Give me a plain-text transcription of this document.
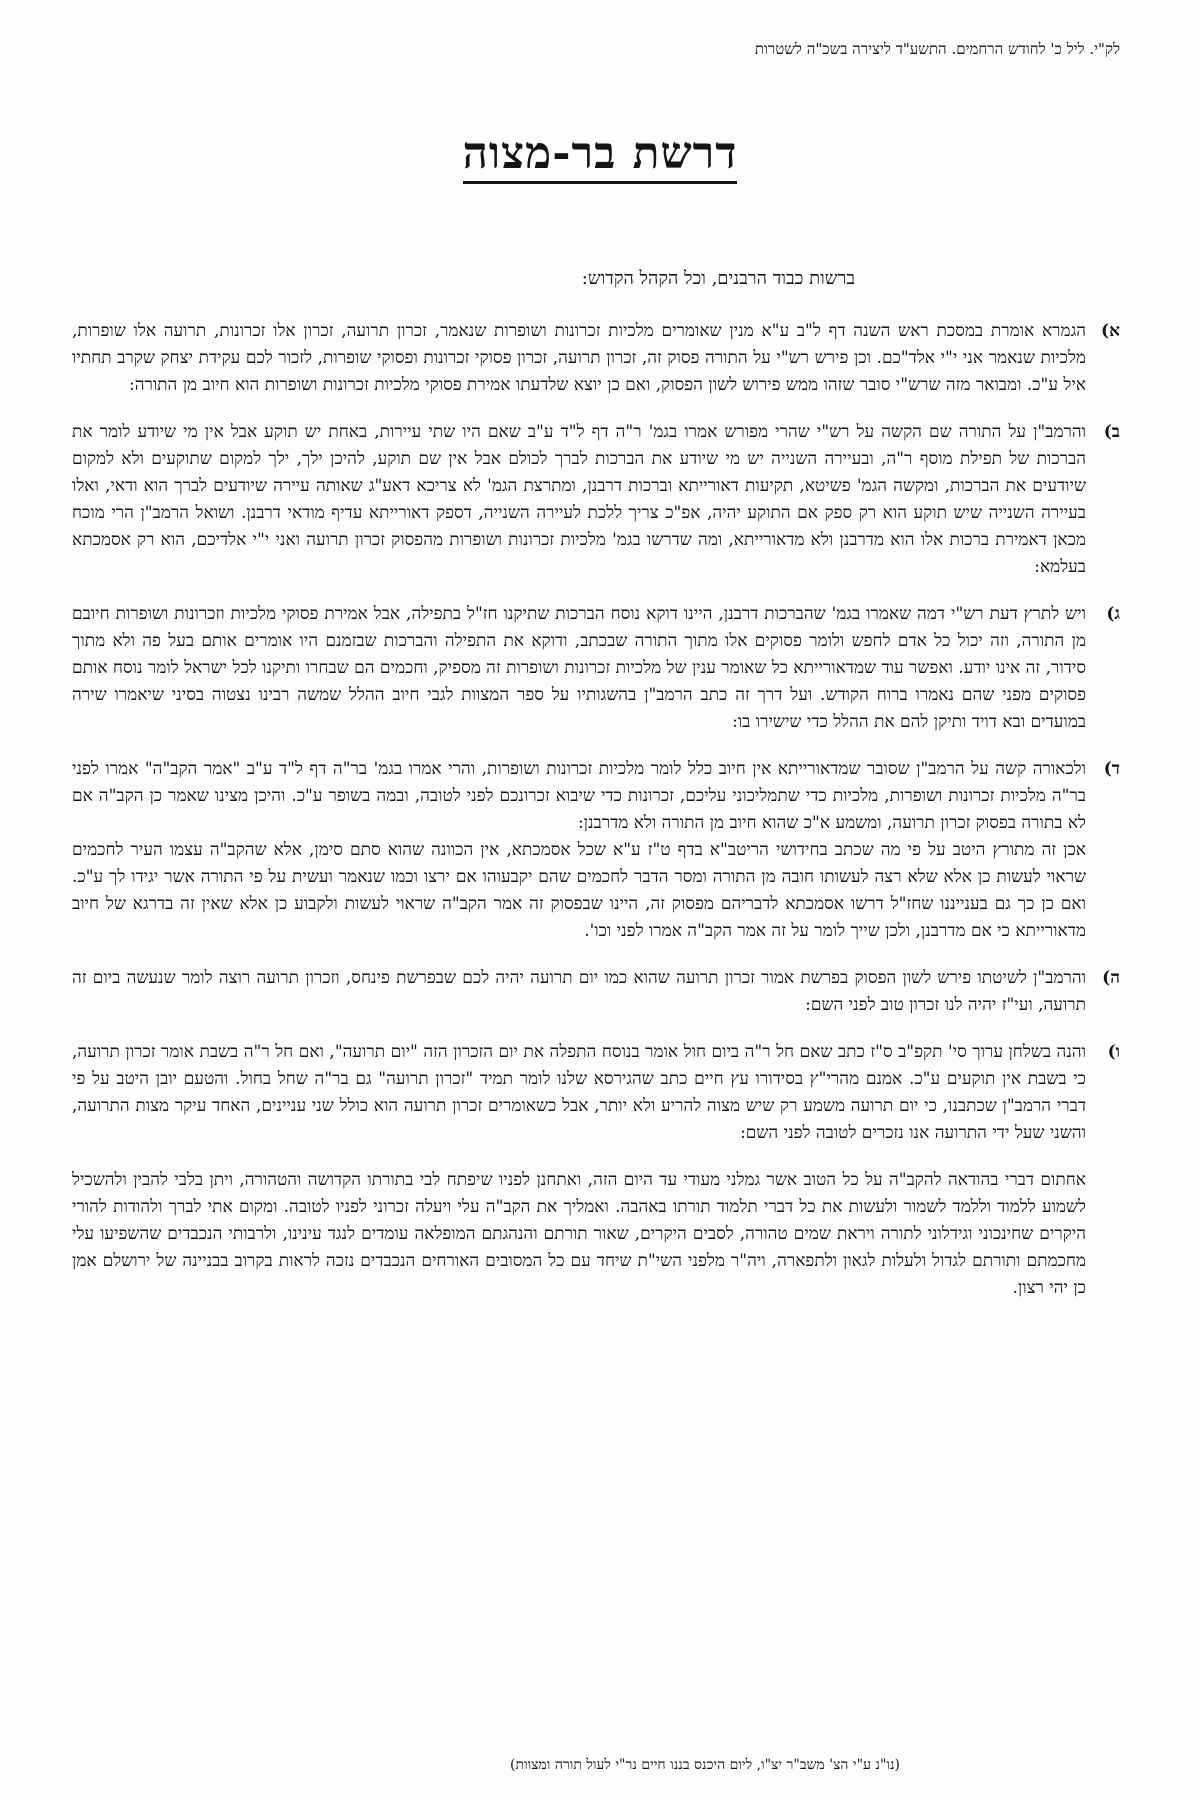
לק"י. ליל כ' לחודש הרחמים. התשע"ד ליצירה בשכ"ה לשטרות
דרשת בר-מצוה
ברשות כבוד הרבנים, וכל הקהל הקדוש:
א)

הגמרא אומרת במסכת ראש השנה דף ל"ב ע"א מנין שאומרים מלכיות זכרונות ושופרות שנאמר, זכרון תרועה, זכרון אלו זכרונות, תרועה אלו שופרות, מלכיות שנאמר אני י"י אלד"כם. וכן פירש רש"י על התורה פסוק זה, זכרון תרועה, זכרון פסוקי זכרונות ופסוקי שופרות, לזכור לכם עקידת יצחק שקרב תחתיו איל ע"כ. ומבואר מזה שרש"י סובר שזהו ממש פירוש לשון הפסוק, ואם כן יוצא שלדעתו אמירת פסוקי מלכיות זכרונות ושופרות הוא חיוב מן התורה:

ב)

והרמב"ן על התורה שם הקשה על רש"י שהרי מפורש אמרו בגמ' ר"ה דף ל"ד ע"ב שאם היו שתי עיירות, באחת יש תוקע אבל אין מי שיודע לומר את הברכות של תפילת מוסף ר"ה, ובעיירה השנייה יש מי שיודע את הברכות לברך לכולם אבל אין שם תוקע, להיכן ילך, ילך למקום שתוקעים ולא למקום שיודעים את הברכות, ומקשה הגמ' פשיטא, תקיעות דאורייתא וברכות דרבנן, ומתרצת הגמ' לא צריכא דאע"ג שאותה עיירה שיודעים לברך הוא ודאי, ואלו בעיירה השנייה שיש תוקע הוא רק ספק אם התוקע יהיה, אפ"כ צריך ללכת לעיירה השנייה, דספק דאורייתא עדיף מודאי דרבנן. ושואל הרמב"ן הרי מוכח מכאן דאמירת ברכות אלו הוא מדרבנן ולא מדאורייתא, ומה שדרשו בגמ' מלכיות זכרונות ושופרות מהפסוק זכרון תרועה ואני י"י אלדיכם, הוא רק אסמכתא בעלמא:

ג)

ויש לתרץ דעת רש"י דמה שאמרו בגמ' שהברכות דרבנן, היינו דוקא נוסח הברכות שתיקנו חז"ל בתפילה, אבל אמירת פסוקי מלכיות וזכרונות ושופרות חיובם מן התורה, וזה יכול כל אדם לחפש ולומר פסוקים אלו מתוך התורה שבכתב, ודוקא את התפילה והברכות שבזמנם היו אומרים אותם בעל פה ולא מתוך סידור, זה אינו יודע. ואפשר עוד שמדאורייתא כל שאומר ענין של מלכיות זכרונות ושופרות זה מספיק, וחכמים הם שבחרו ותיקנו לכל ישראל לומר נוסח אותם פסוקים מפני שהם נאמרו ברוח הקודש. ועל דרך זה כתב הרמב"ן בהשגותיו על ספר המצוות לגבי חיוב ההלל שמשה רבינו נצטוה בסיני שיאמרו שירה במועדים ובא דויד ותיקן להם את ההלל כדי שישירו בו:

ד)

ולכאורה קשה על הרמב"ן שסובר שמדאורייתא אין חיוב כלל לומר מלכיות זכרונות ושופרות, והרי אמרו בגמ' בר"ה דף ל"ד ע"ב "אמר הקב"ה" אמרו לפני בר"ה מלכיות זכרונות ושופרות, מלכיות כדי שתמליכוני עליכם, זכרונות כדי שיבוא זכרונכם לפני לטובה, ובמה בשופר ע"כ. והיכן מצינו שאמר כן הקב"ה אם לא בתורה בפסוק זכרון תרועה, ומשמע א"כ שהוא חיוב מן התורה ולא מדרבנן:

אכן זה מתורץ היטב על פי מה שכתב בחידושי הריטב"א בדף ט"ז ע"א שכל אסמכתא, אין הכוונה שהוא סתם סימן, אלא שהקב"ה עצמו העיר לחכמים שראוי לעשות כן אלא שלא רצה לעשותו חובה מן התורה ומסר הדבר לחכמים שהם יקבעוהו אם ירצו וכמו שנאמר ועשית על פי התורה אשר יגידו לך ע"כ. ואם כן כך גם בענייננו שחז"ל דרשו אסמכתא לדבריהם מפסוק זה, היינו שבפסוק זה אמר הקב"ה שראוי לעשות ולקבוע כן אלא שאין זה בדרגא של חיוב מדאורייתא כי אם מדרבנן, ולכן שייך לומר על זה אמר הקב"ה אמרו לפני וכו'.

ה)

והרמב"ן לשיטתו פירש לשון הפסוק בפרשת אמור זכרון תרועה שהוא כמו יום תרועה יהיה לכם שבפרשת פינחס, וזכרון תרועה רוצה לומר שנעשה ביום זה תרועה, ועי"ז יהיה לנו זכרון טוב לפני השם:

ו)

והנה בשלחן ערוך סי' תקפ"ב ס"ז כתב שאם חל ר"ה ביום חול אומר בנוסח התפלה את יום הזכרון הזה "יום תרועה", ואם חל ר"ה בשבת אומר זכרון תרועה, כי בשבת אין תוקעים ע"כ. אמנם מהרי"ץ בסידורו עץ חיים כתב שהגירסא שלנו לומר תמיד "זכרון תרועה" גם בר"ה שחל בחול. והטעם יובן היטב על פי דברי הרמב"ן שכתבנו, כי יום תרועה משמע רק שיש מצוה להריע ולא יותר, אבל כשאומרים זכרון תרועה הוא כולל שני עניינים, האחד עיקר מצות התרועה, והשני שעל ידי התרועה אנו נזכרים לטובה לפני השם:

אחתום דברי בהודאה להקב"ה על כל הטוב אשר גמלני מעודי עד היום הזה, ואתחנן לפניו שיפתח לבי בתורתו הקדושה והטהורה, ויתן בלבי להבין ולהשכיל לשמוע ללמוד וללמד לשמור ולעשות את כל דברי תלמוד תורתו באהבה. ואמליך את הקב"ה עלי ויעלה זכרוני לפניו לטובה. ומקום אתי לברך ולהודות להורי היקרים שחינכוני וגידלוני לתורה ויראת שמים טהורה, לסבים היקרים, שאור תורתם והנהגתם המופלאה עומדים לנגד עינינו, ולרבותי הנכבדים שהשפיעו עלי מחכמתם ותורתם לגדול ולעלות לגאון ולתפארה, ויה"ר מלפני השי"ת שיחד עם כל המסובים האורחים הנכבדים נזכה לראות בקרוב בבניינה של ירושלם אמן כן יהי רצון.
(נו"נ ע"י הצ' משב"ר יצ"ו, ליום היכנס בננו חיים נר"י לעול תורה ומצוות)
